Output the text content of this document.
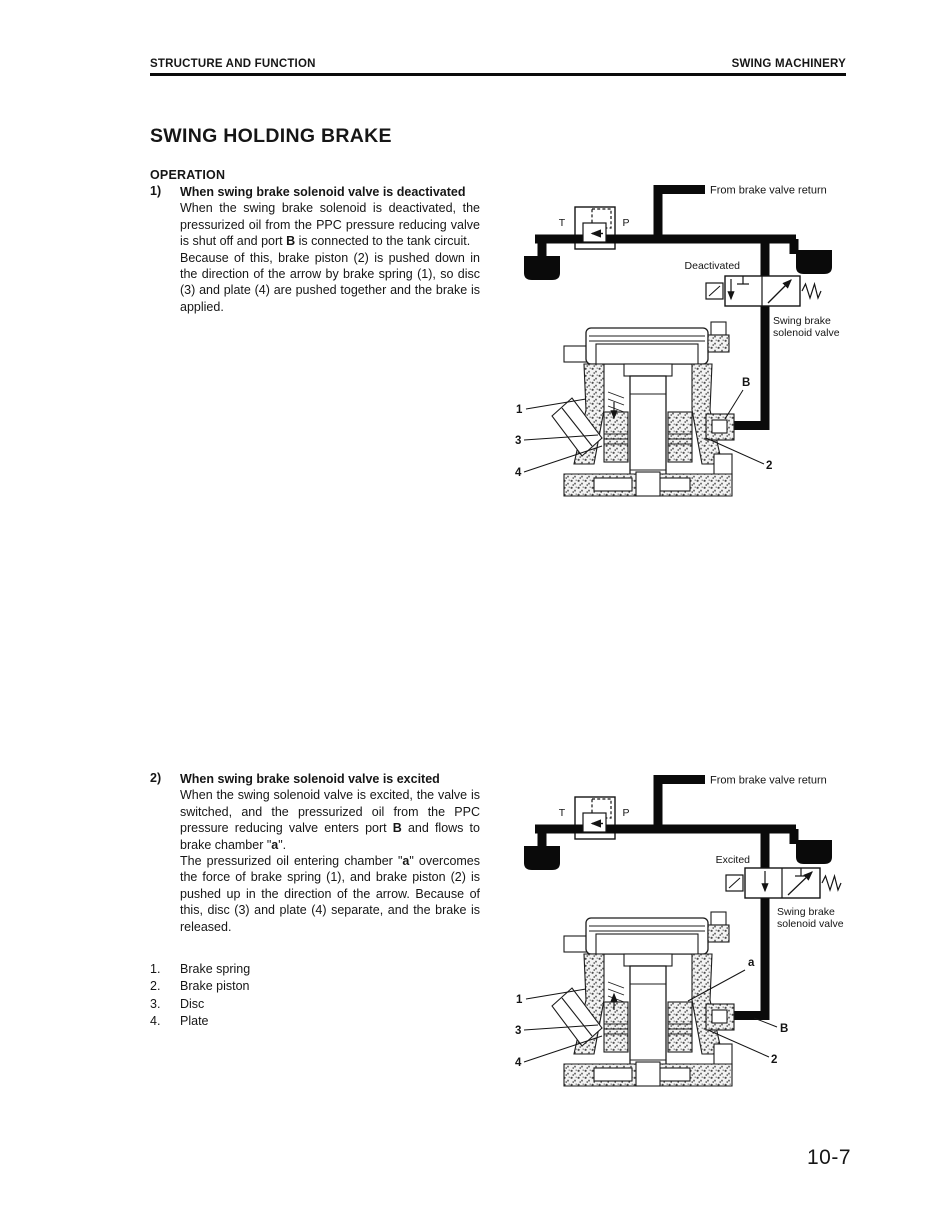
STRUCTURE AND FUNCTION	SWING MACHINERY
SWING HOLDING BRAKE
OPERATION
1)	When swing brake solenoid valve is deactivated

When the swing brake solenoid is deactivated, the pressurized oil from the PPC pressure reducing valve is shut off and port B is connected to the tank circuit.

Because of this, brake piston (2) is pushed down in the direction of the arrow by brake spring (1), so disc (3) and plate (4) are pushed together and the brake is applied.

2)	When swing brake solenoid valve is excited

When the swing solenoid valve is excited, the valve is switched, and the pressurized oil from the PPC pressure reducing valve enters port B and flows to brake chamber "a".

The pressurized oil entering chamber "a" overcomes the force of brake spring (1), and brake piston (2) is pushed up in the direction of the arrow. Because of this, disc (3) and plate (4) separate, and the brake is released.

1.	Brake spring
2.	Brake piston
3.	Disc
4.	Plate
T	P
From brake valve return
Deactivated
Swing brake
solenoid valve
1
3
4
B
2
T	P
From brake valve return
Excited
Swing brake
solenoid valve
1
3
4
a
B
2
10-7
